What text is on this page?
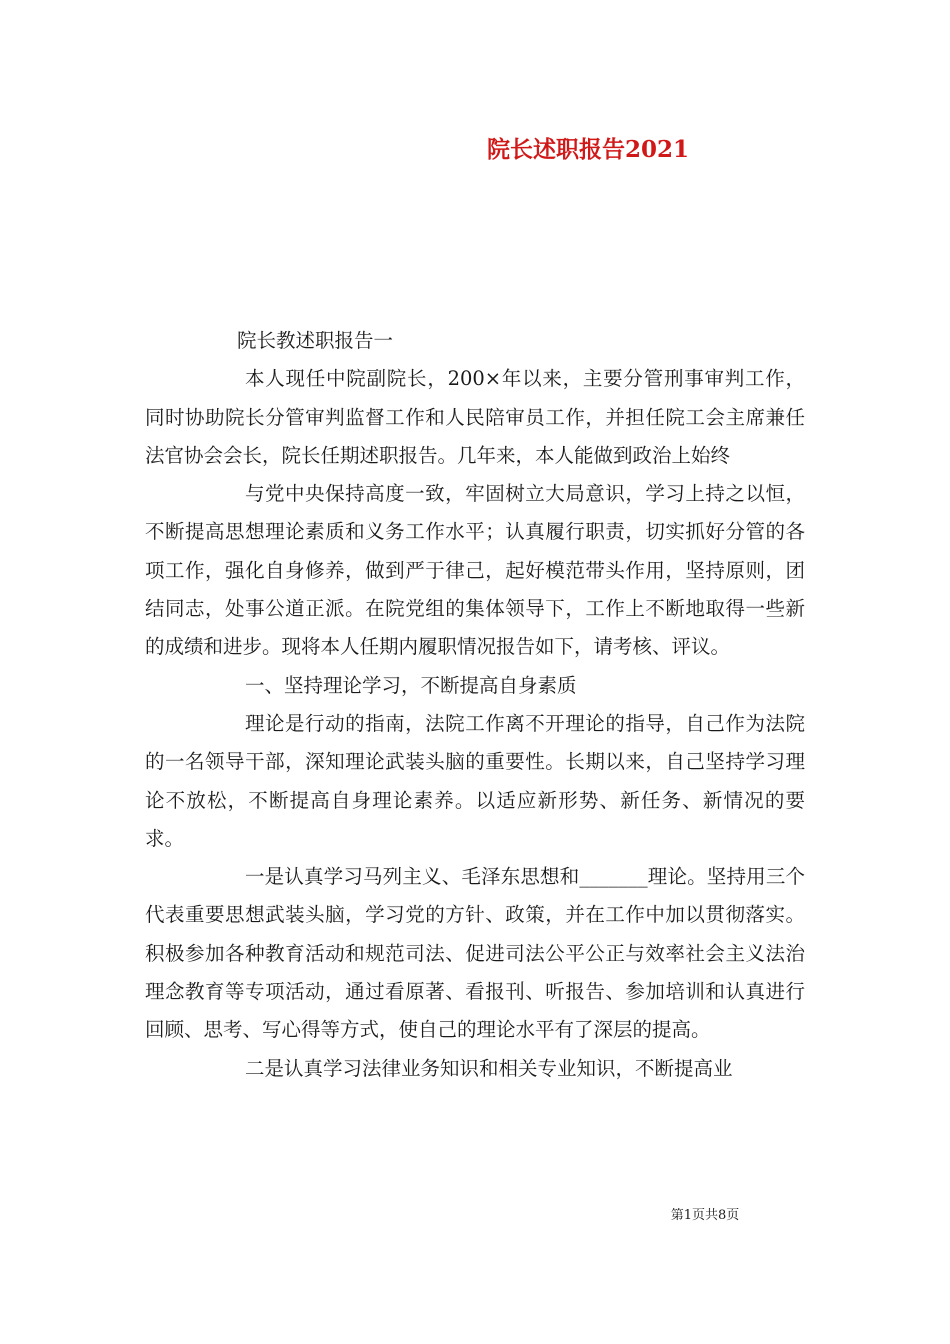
院长述职报告2021

院长教述职报告一

本人现任中院副院长，200×年以来，主要分管刑事审判工作，同时协助院长分管审判监督工作和人民陪审员工作，并担任院工会主席兼任法官协会会长，院长任期述职报告。几年来，本人能做到政治上始终

与党中央保持高度一致，牢固树立大局意识，学习上持之以恒，不断提高思想理论素质和义务工作水平；认真履行职责，切实抓好分管的各项工作，强化自身修养，做到严于律己，起好模范带头作用，坚持原则，团结同志，处事公道正派。在院党组的集体领导下，工作上不断地取得一些新的成绩和进步。现将本人任期内履职情况报告如下，请考核、评议。

一、坚持理论学习，不断提高自身素质

理论是行动的指南，法院工作离不开理论的指导，自己作为法院的一名领导干部，深知理论武装头脑的重要性。长期以来，自己坚持学习理论不放松，不断提高自身理论素养。以适应新形势、新任务、新情况的要求。

一是认真学习马列主义、毛泽东思想和_______理论。坚持用三个代表重要思想武装头脑，学习党的方针、政策，并在工作中加以贯彻落实。积极参加各种教育活动和规范司法、促进司法公平公正与效率社会主义法治理念教育等专项活动，通过看原著、看报刊、听报告、参加培训和认真进行回顾、思考、写心得等方式，使自己的理论水平有了深层的提高。

二是认真学习法律业务知识和相关专业知识，不断提高业

第1页共8页
